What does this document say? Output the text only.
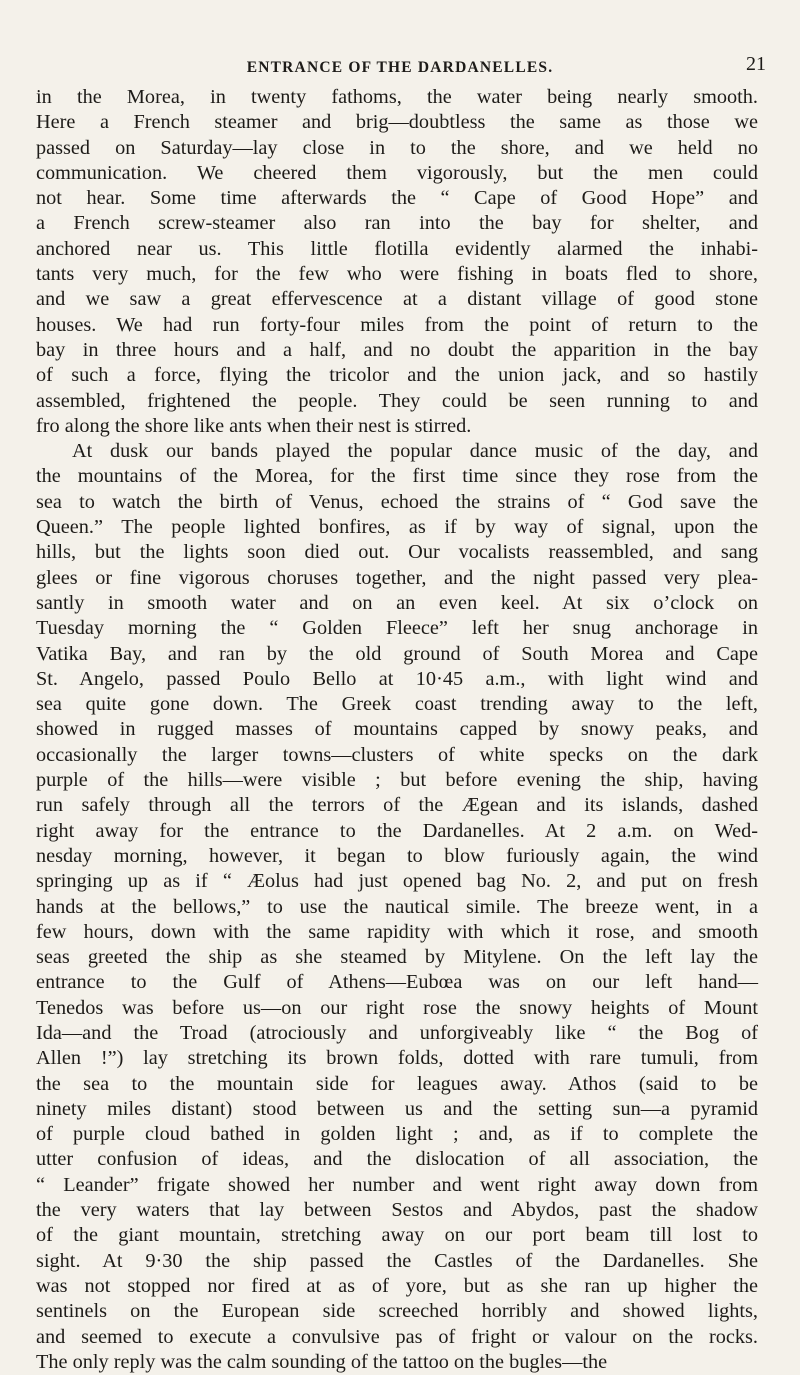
ENTRANCE OF THE DARDANELLES.	21
in the Morea, in twenty fathoms, the water being nearly smooth.
Here a French steamer and brig—doubtless the same as those we
passed on Saturday—lay close in to the shore, and we held no
communication. We cheered them vigorously, but the men could
not hear. Some time afterwards the “ Cape of Good Hope” and
a French screw-steamer also ran into the bay for shelter, and
anchored near us. This little flotilla evidently alarmed the inhabi-
tants very much, for the few who were fishing in boats fled to shore,
and we saw a great effervescence at a distant village of good stone
houses. We had run forty-four miles from the point of return to the
bay in three hours and a half, and no doubt the apparition in the bay
of such a force, flying the tricolor and the union jack, and so hastily
assembled, frightened the people. They could be seen running to and
fro along the shore like ants when their nest is stirred.
At dusk our bands played the popular dance music of the day, and
the mountains of the Morea, for the first time since they rose from the
sea to watch the birth of Venus, echoed the strains of “ God save the
Queen.” The people lighted bonfires, as if by way of signal, upon the
hills, but the lights soon died out. Our vocalists reassembled, and sang
glees or fine vigorous choruses together, and the night passed very plea-
santly in smooth water and on an even keel. At six o’clock on
Tuesday morning the “ Golden Fleece” left her snug anchorage in
Vatika Bay, and ran by the old ground of South Morea and Cape
St. Angelo, passed Poulo Bello at 10·45 a.m., with light wind and
sea quite gone down. The Greek coast trending away to the left,
showed in rugged masses of mountains capped by snowy peaks, and
occasionally the larger towns—clusters of white specks on the dark
purple of the hills—were visible ; but before evening the ship, having
run safely through all the terrors of the Ægean and its islands, dashed
right away for the entrance to the Dardanelles. At 2 a.m. on Wed-
nesday morning, however, it began to blow furiously again, the wind
springing up as if “ Æolus had just opened bag No. 2, and put on fresh
hands at the bellows,” to use the nautical simile. The breeze went, in a
few hours, down with the same rapidity with which it rose, and smooth
seas greeted the ship as she steamed by Mitylene. On the left lay the
entrance to the Gulf of Athens—Eubœa was on our left hand—
Tenedos was before us—on our right rose the snowy heights of Mount
Ida—and the Troad (atrociously and unforgiveably like “ the Bog of
Allen !”) lay stretching its brown folds, dotted with rare tumuli, from
the sea to the mountain side for leagues away. Athos (said to be
ninety miles distant) stood between us and the setting sun—a pyramid
of purple cloud bathed in golden light ; and, as if to complete the
utter confusion of ideas, and the dislocation of all association, the
“ Leander” frigate showed her number and went right away down from
the very waters that lay between Sestos and Abydos, past the shadow
of the giant mountain, stretching away on our port beam till lost to
sight. At 9·30 the ship passed the Castles of the Dardanelles. She
was not stopped nor fired at as of yore, but as she ran up higher the
sentinels on the European side screeched horribly and showed lights,
and seemed to execute a convulsive pas of fright or valour on the rocks.
The only reply was the calm sounding of the tattoo on the bugles—the
